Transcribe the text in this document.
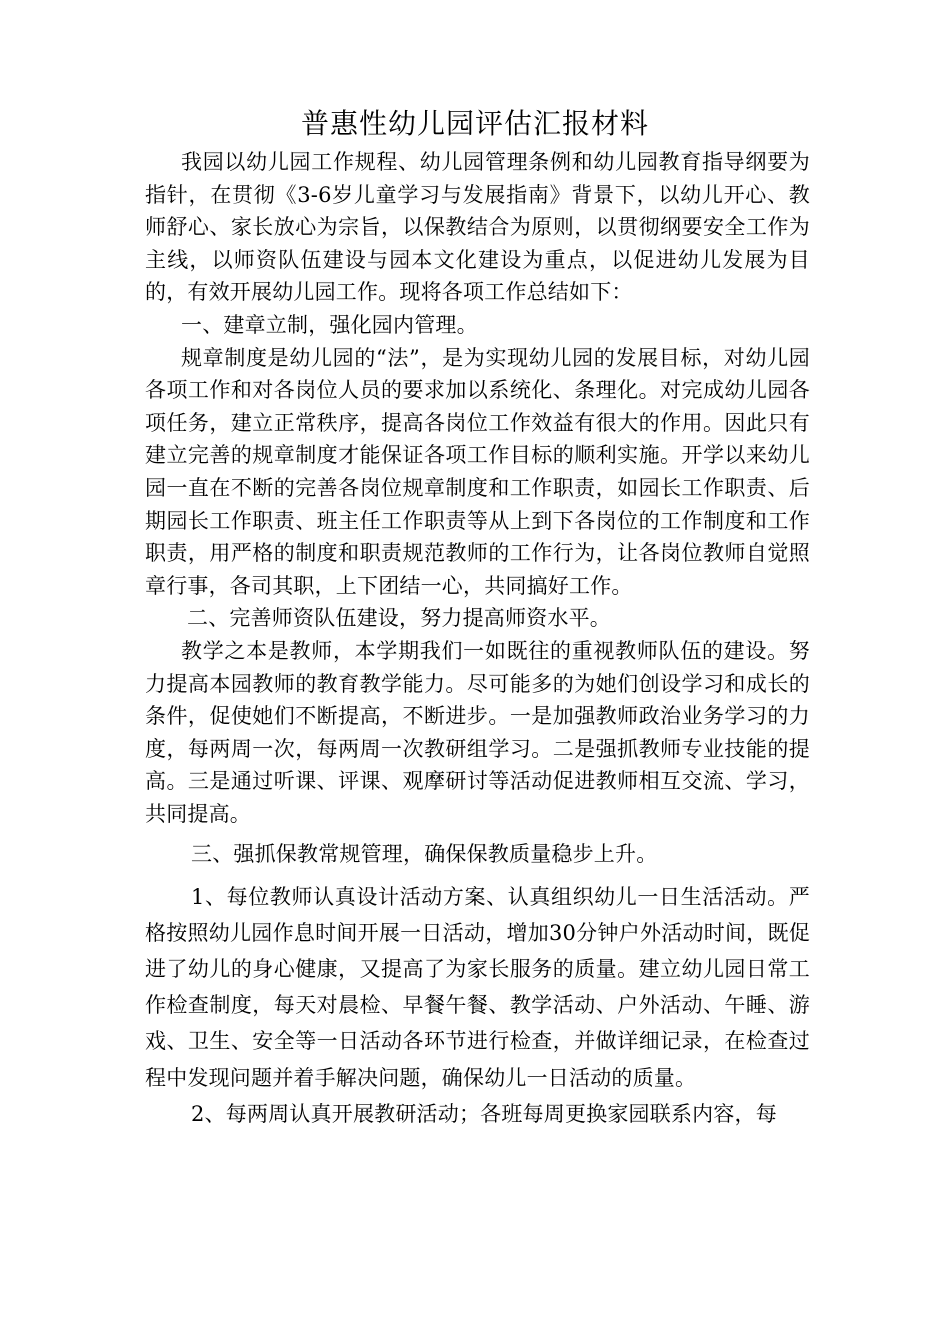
普惠性幼儿园评估汇报材料

我园以幼儿园工作规程、幼儿园管理条例和幼儿园教育指导纲要为指针，在贯彻《3-6岁儿童学习与发展指南》背景下，以幼儿开心、教师舒心、家长放心为宗旨，以保教结合为原则，以贯彻纲要安全工作为主线，以师资队伍建设与园本文化建设为重点，以促进幼儿发展为目的，有效开展幼儿园工作。现将各项工作总结如下：

一、建章立制，强化园内管理。

规章制度是幼儿园的“法”，是为实现幼儿园的发展目标，对幼儿园各项工作和对各岗位人员的要求加以系统化、条理化。对完成幼儿园各项任务，建立正常秩序，提高各岗位工作效益有很大的作用。因此只有建立完善的规章制度才能保证各项工作目标的顺利实施。开学以来幼儿园一直在不断的完善各岗位规章制度和工作职责，如园长工作职责、后期园长工作职责、班主任工作职责等从上到下各岗位的工作制度和工作职责，用严格的制度和职责规范教师的工作行为，让各岗位教师自觉照章行事，各司其职，上下团结一心，共同搞好工作。

二、完善师资队伍建设，努力提高师资水平。

教学之本是教师，本学期我们一如既往的重视教师队伍的建设。努力提高本园教师的教育教学能力。尽可能多的为她们创设学习和成长的条件，促使她们不断提高，不断进步。一是加强教师政治业务学习的力度，每两周一次，每两周一次教研组学习。二是强抓教师专业技能的提高。三是通过听课、评课、观摩研讨等活动促进教师相互交流、学习，共同提高。

三、强抓保教常规管理，确保保教质量稳步上升。

1、每位教师认真设计活动方案、认真组织幼儿一日生活活动。严格按照幼儿园作息时间开展一日活动，增加30分钟户外活动时间，既促进了幼儿的身心健康，又提高了为家长服务的质量。建立幼儿园日常工作检查制度，每天对晨检、早餐午餐、教学活动、户外活动、午睡、游戏、卫生、安全等一日活动各环节进行检查，并做详细记录，在检查过程中发现问题并着手解决问题，确保幼儿一日活动的质量。

2、每两周认真开展教研活动；各班每周更换家园联系内容，每
